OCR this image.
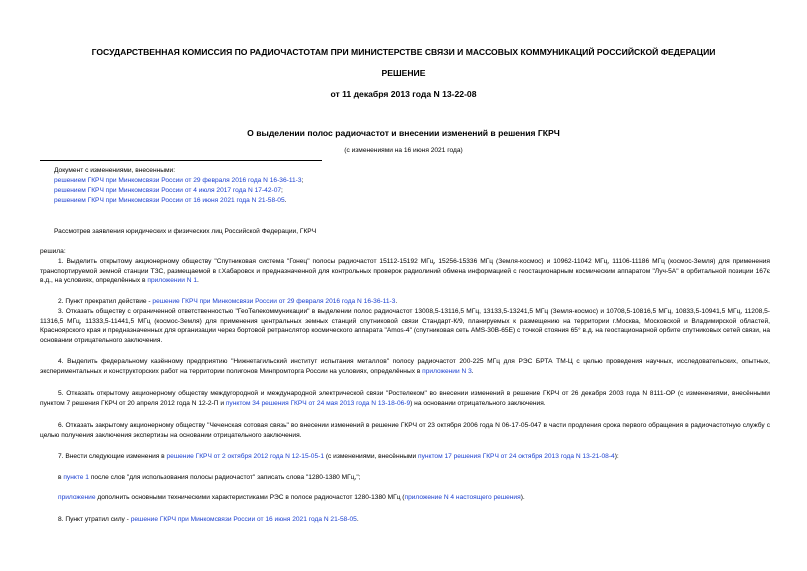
ГОСУДАРСТВЕННАЯ КОМИССИЯ ПО РАДИОЧАСТОТАМ ПРИ МИНИСТЕРСТВЕ СВЯЗИ И МАССОВЫХ КОММУНИКАЦИЙ РОССИЙСКОЙ ФЕДЕРАЦИИ
РЕШЕНИЕ
от 11 декабря 2013 года N 13-22-08
О выделении полос радиочастот и внесении изменений в решения ГКРЧ
(с изменениями на 16 июня 2021 года)
Документ с изменениями, внесенными:
решением ГКРЧ при Минкомсвязи России от 29 февраля 2016 года N 16-36-11-3;
решением ГКРЧ при Минкомсвязи России от 4 июля 2017 года N 17-42-07;
решением ГКРЧ при Минкомсвязи России от 16 июня 2021 года N 21-58-05.
Рассмотрев заявления юридических и физических лиц Российской Федерации, ГКРЧ
решила:
1. Выделить открытому акционерному обществу "Спутниковая система "Гонец" полосы радиочастот 15112-15192 МГц, 15256-15336 МГц (Земля-космос) и 10962-11042 МГц, 11106-11186 МГц (космос-Земля) для применения транспортируемой земной станции ТЗС, размещаемой в г.Хабаровск и предназначенной для контрольных проверок радиолиний обмена информацией с геостационарным космическим аппаратом "Луч-5А" в орбитальной позиции 167є в.д., на условиях, определённых в приложении N 1.
2. Пункт прекратил действие - решение ГКРЧ при Минкомсвязи России от 29 февраля 2016 года N 16-36-11-3.
3. Отказать обществу с ограниченной ответственностью "ГеоТелекоммуникации" в выделении полос радиочастот 13008,5-13116,5 МГц, 13133,5-13241,5 МГц (Земля-космос) и 10708,5-10816,5 МГц, 10833,5-10941,5 МГц, 11208,5-11316,5 МГц, 11333,5-11441,5 МГц (космос-Земля) для применения центральных земных станций спутниковой связи Стандарт-К/9, планируемых к размещению на территории г.Москва, Московской и Владимирской областей, Красноярского края и предназначенных для организации через бортовой ретранслятор космического аппарата "Amos-4" (спутниковая сеть AMS-30В-65Е) с точкой стояния 65° в.д. на геостационарной орбите спутниковых сетей связи, на основании отрицательного заключения.
4. Выделить федеральному казённому предприятию "Нижнетагильский институт испытания металлов" полосу радиочастот 200-225 МГц для РЭС БРТА ТМ-Ц с целью проведения научных, исследовательских, опытных, экспериментальных и конструкторских работ на территории полигонов Минпромторга России на условиях, определённых в приложении N 3.
5. Отказать открытому акционерному обществу междугородной и международной электрической связи "Ростелеком" во внесении изменений в решение ГКРЧ от 26 декабря 2003 года N 8111-ОР (с изменениями, внесёнными пунктом 7 решения ГКРЧ от 20 апреля 2012 года N 12-2-П и пунктом 34 решения ГКРЧ от 24 мая 2013 года N 13-18-06-9) на основании отрицательного заключения.
6. Отказать закрытому акционерному обществу "Чеченская сотовая связь" во внесении изменений в решение ГКРЧ от 23 октября 2006 года N 06-17-05-047 в части продления срока первого обращения в радиочастотную службу с целью получения заключения экспертизы на основании отрицательного заключения.
7. Внести следующие изменения в решение ГКРЧ от 2 октября 2012 года N 12-15-05-1 (с изменениями, внесёнными пунктом 17 решения ГКРЧ от 24 октября 2013 года N 13-21-08-4):
в пункте 1 после слов "для использования полосы радиочастот" записать слова "1280-1380 МГц,";
приложение дополнить основными техническими характеристиками РЭС в полосе радиочастот 1280-1380 МГц (приложение N 4 настоящего решения).
8. Пункт утратил силу - решение ГКРЧ при Минкомсвязи России от 16 июня 2021 года N 21-58-05.
